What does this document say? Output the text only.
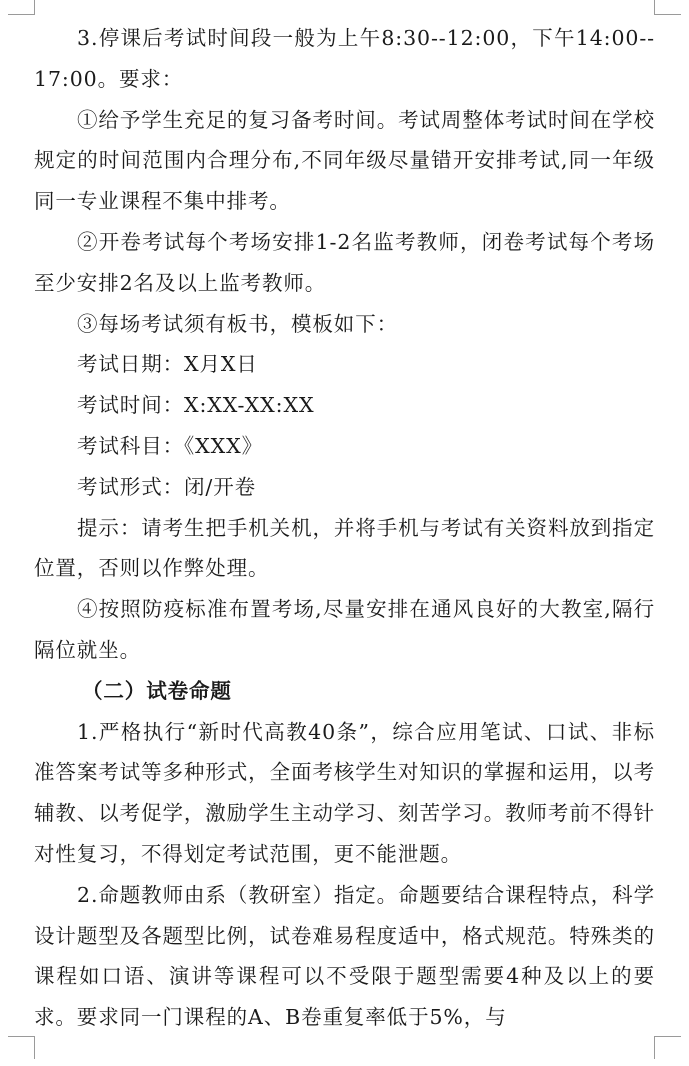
3.停课后考试时间段一般为上午8:30--12:00，下午14:00--17:00。要求：

①给予学生充足的复习备考时间。考试周整体考试时间在学校规定的时间范围内合理分布,不同年级尽量错开安排考试,同一年级同一专业课程不集中排考。

②开卷考试每个考场安排1-2名监考教师，闭卷考试每个考场至少安排2名及以上监考教师。

③每场考试须有板书，模板如下：

考试日期：X月X日

考试时间：X:XX-XX:XX

考试科目：《XXX》

考试形式：闭/开卷

提示：请考生把手机关机，并将手机与考试有关资料放到指定位置，否则以作弊处理。

④按照防疫标准布置考场,尽量安排在通风良好的大教室,隔行隔位就坐。

（二）试卷命题

1.严格执行“新时代高教40条”，综合应用笔试、口试、非标准答案考试等多种形式，全面考核学生对知识的掌握和运用，以考辅教、以考促学，激励学生主动学习、刻苦学习。教师考前不得针对性复习，不得划定考试范围，更不能泄题。

2.命题教师由系（教研室）指定。命题要结合课程特点，科学设计题型及各题型比例，试卷难易程度适中，格式规范。特殊类的课程如口语、演讲等课程可以不受限于题型需要4种及以上的要求。要求同一门课程的A、B卷重复率低于5%，与
